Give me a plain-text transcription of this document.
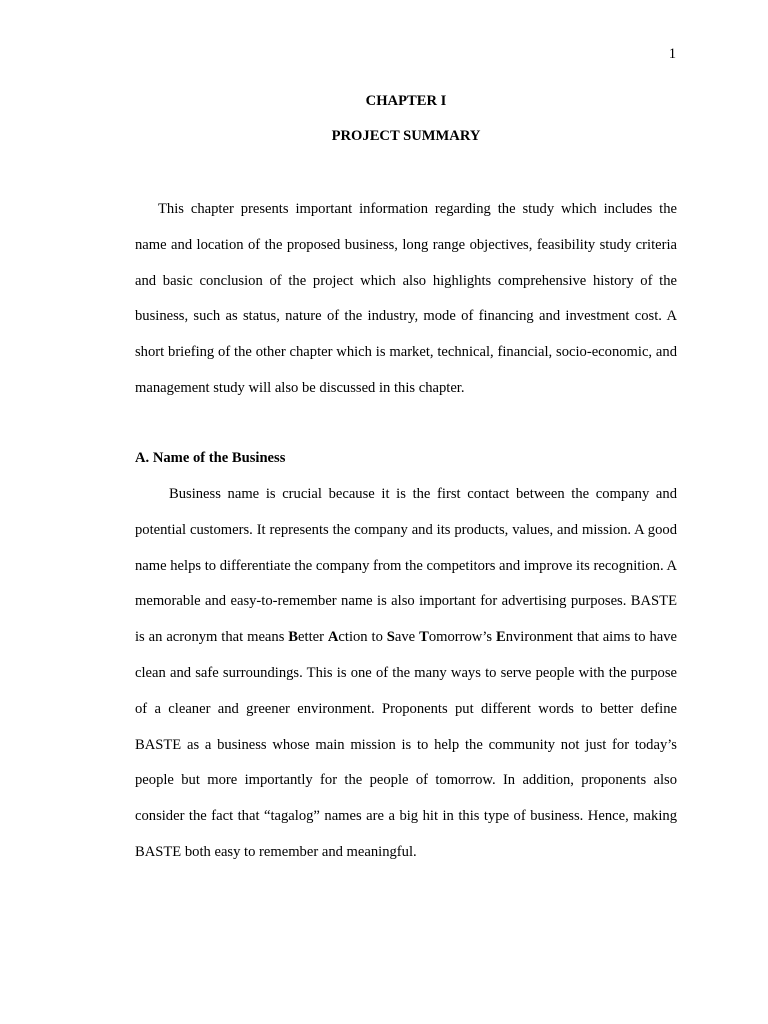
1
CHAPTER I
PROJECT SUMMARY

This chapter presents important information regarding the study which includes the name and location of the proposed business, long range objectives, feasibility study criteria and basic conclusion of the project which also highlights comprehensive history of the business, such as status, nature of the industry, mode of financing and investment cost. A short briefing of the other chapter which is market, technical, financial, socio-economic, and management study will also be discussed in this chapter.

A. Name of the Business

Business name is crucial because it is the first contact between the company and potential customers. It represents the company and its products, values, and mission. A good name helps to differentiate the company from the competitors and improve its recognition. A memorable and easy-to-remember name is also important for advertising purposes. BASTE is an acronym that means Better Action to Save Tomorrow’s Environment that aims to have clean and safe surroundings. This is one of the many ways to serve people with the purpose of a cleaner and greener environment. Proponents put different words to better define BASTE as a business whose main mission is to help the community not just for today’s people but more importantly for the people of tomorrow. In addition, proponents also consider the fact that “tagalog” names are a big hit in this type of business. Hence, making BASTE both easy to remember and meaningful.
